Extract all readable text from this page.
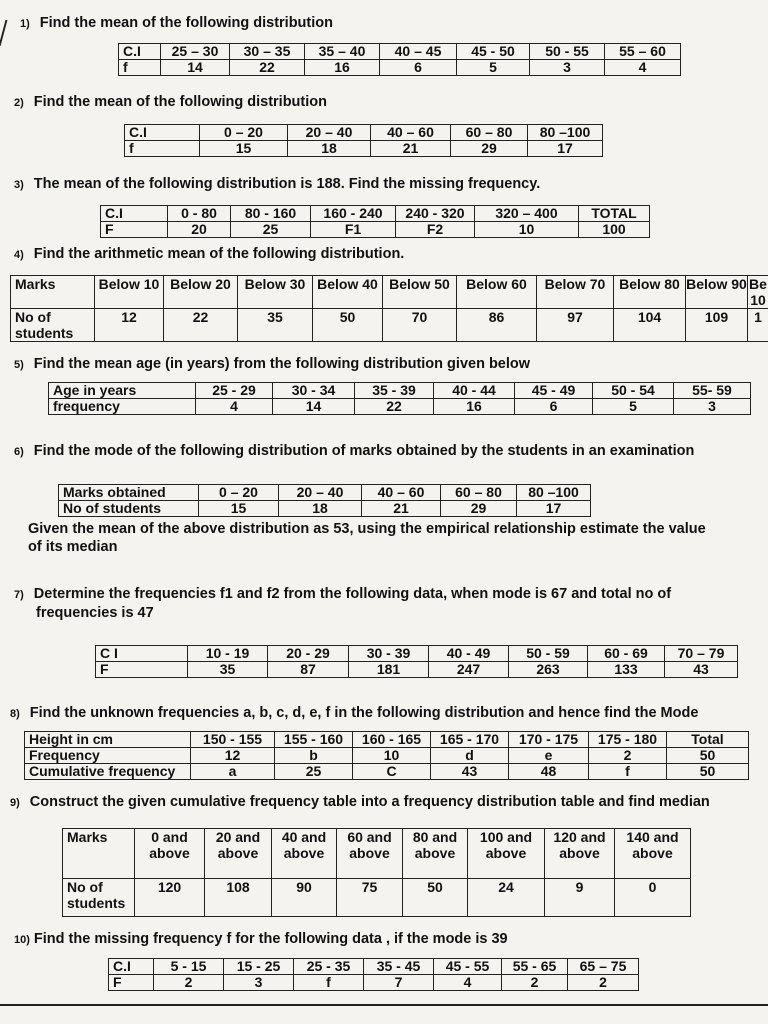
1) Find the mean of the following distribution
C.I	25 – 30	30 – 35	35 – 40	40 – 45	45 - 50	50 - 55	55 – 60
f	14	22	16	6	5	3	4
2) Find the mean of the following distribution
C.I	0 – 20	20 – 40	40 – 60	60 – 80	80 –100
f	15	18	21	29	17
3) The mean of the following distribution is 188. Find the missing frequency.
C.I	0 - 80	80 - 160	160 - 240	240 - 320	320 – 400	TOTAL
F	20	25	F1	F2	10	100
4) Find the arithmetic mean of the following distribution.
Marks	Below 10	Below 20	Below 30	Below 40	Below 50	Below 60	Below 70	Below 80	Below 90	Be 10
No of students	12	22	35	50	70	86	97	104	109	1
5) Find the mean age (in years) from the following distribution given below
Age in years	25 - 29	30 - 34	35 - 39	40 - 44	45 - 49	50 - 54	55- 59
frequency	4	14	22	16	6	5	3
6) Find the mode of the following distribution of marks obtained by the students in an examination
Marks obtained	0 – 20	20 – 40	40 – 60	60 – 80	80 –100
No of students	15	18	21	29	17
Given the mean of the above distribution as 53, using the empirical relationship estimate the value
of its median
7) Determine the frequencies f1 and f2 from the following data, when mode is 67 and total no of
frequencies is 47
C I	10 - 19	20 - 29	30 - 39	40 - 49	50 - 59	60 - 69	70 – 79
F	35	87	181	247	263	133	43
8) Find the unknown frequencies a, b, c, d, e, f in the following distribution and hence find the Mode
Height in cm	150 - 155	155 - 160	160 - 165	165 - 170	170 - 175	175 - 180	Total
Frequency	12	b	10	d	e	2	50
Cumulative frequency	a	25	C	43	48	f	50
9) Construct the given cumulative frequency table into a frequency distribution table and find median
Marks	0 and above	20 and above	40 and above	60 and above	80 and above	100 and above	120 and above	140 and above
No of students	120	108	90	75	50	24	9	0
10) Find the missing frequency f for the following data , if the mode is 39
C.I	5 - 15	15 - 25	25 - 35	35 - 45	45 - 55	55 - 65	65 – 75
F	2	3	f	7	4	2	2
